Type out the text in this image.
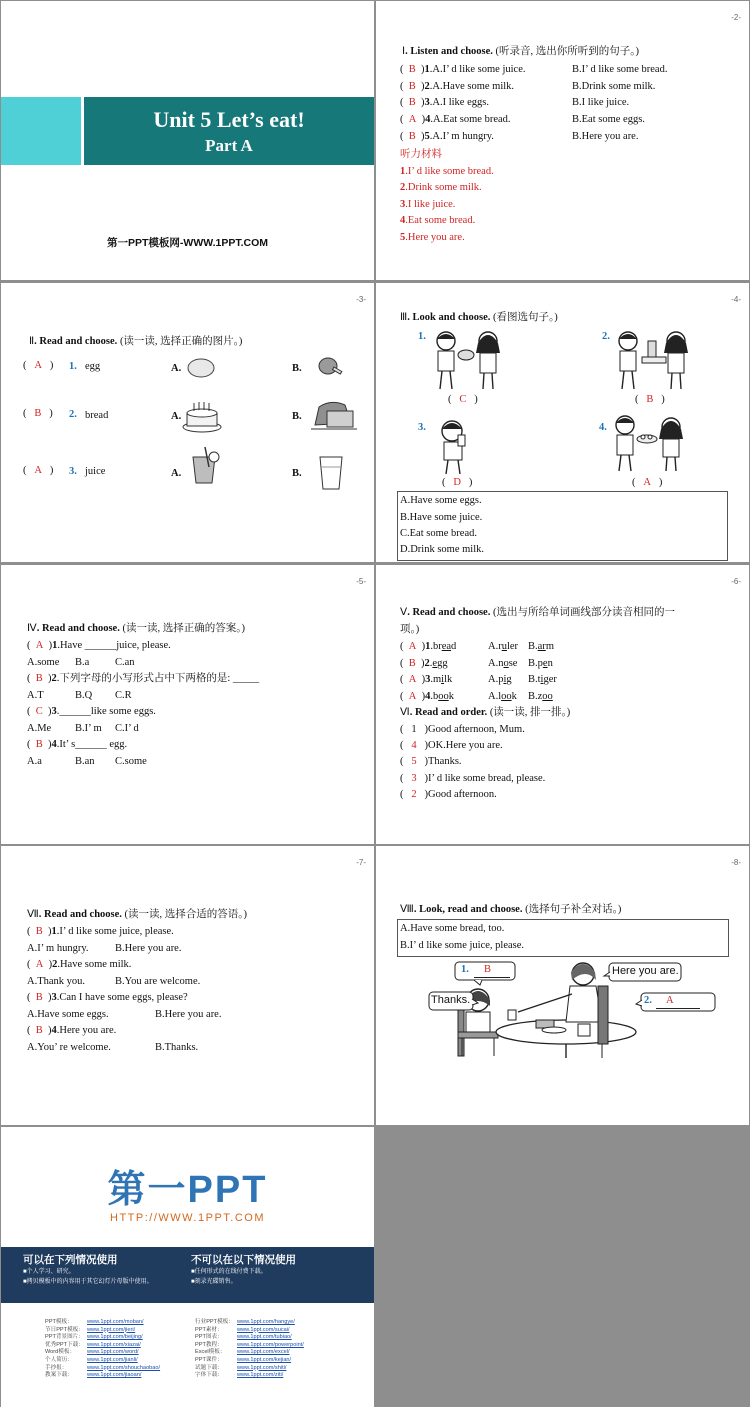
Unit 5 Let’s eat!
Part A
第一PPT模板网-WWW.1PPT.COM
-2-
Ⅰ. Listen and choose. (听录音, 选出你所听到的句子。)
(  B  )1.A.I’ d like some juice.	B.I’ d like some bread.
(  B  )2.A.Have some milk.	B.Drink some milk.
(  B  )3.A.I like eggs.	B.I like juice.
(  A  )4.A.Eat some bread.	B.Eat some eggs.
(  B  )5.A.I’ m hungry.	B.Here you are.
听力材料
1.I’ d like some bread.
2.Drink some milk.
3.I like juice.
4.Eat some bread.
5.Here you are.
-3-
Ⅱ. Read and choose. (读一读, 选择正确的图片。)
(   A   ) 1. egg	A.	B.
(   B   ) 2. bread	A.	B.
(   A   ) 3. juice	A.	B.
-4-
Ⅲ. Look and choose. (看图选句子。)
1.
(   C   )
2.
(   B   )
3.
(   D   )
4.
(   A   )
A.Have some eggs.
B.Have some juice.
C.Eat some bread.
D.Drink some milk.
-5-
Ⅳ. Read and choose. (读一读, 选择正确的答案。)
(  A  )1.Have ______juice, please.
A.some B.a C.an
(  B  )2.下列字母的小写形式占中下两格的是: _____
A.T	B.Q C.R
(  C  )3.______like some eggs.
A.Me B.I’ m C.I’ d
(  B  )4.It’ s______ egg.
A.a	B.an C.some
-6-
Ⅴ. Read and choose. (选出与所给单词画线部分读音相同的一
项。)
(  A  )1.bread	A.ruler B.arm
(  B  )2.egg	A.nose B.pen
(  A  )3.milk	A.pig B.tiger
(  A  )4.book	A.look B.zoo
Ⅵ. Read and order. (读一读, 排一排。)
(   1 )Good afternoon, Mum.
(   4 )OK.Here you are.
(   5 )Thanks.
(   3 )I’ d like some bread, please.
(   2 )Good afternoon.
-7-
Ⅶ. Read and choose. (读一读, 选择合适的答语。)
(  B  )1.I’ d like some juice, please.
A.I’ m hungry.	B.Here you are.
(  A  )2.Have some milk.
A.Thank you.	B.You are welcome.
(  B  )3.Can I have some eggs, please?
A.Have some eggs.	B.Here you are.
(  B  )4.Here you are.
A.You’ re welcome.	B.Thanks.
-8-
Ⅷ. Look, read and choose. (选择句子补全对话。)
A.Have some bread, too.
B.I’ d like some juice, please.
1. B	Here you are.
Thanks.	2. A
第一PPT
HTTP://WWW.1PPT.COM
可以在下列情况使用
■个人学习、研究。
■拷贝模板中的内容用于其它幻灯片母版中使用。
不可以在以下情况使用
■任何形式的在线付费下载。
■刻录光碟销售。
PPT模板：	www.1ppt.com/moban/
节日PPT模板： www.1ppt.com/jieri/
PPT背景图片： www.1ppt.com/beijing/
优秀PPT下载： www.1ppt.com/xiazai/
Word模板： www.1ppt.com/word/
个人简历：	www.1ppt.com/jianli/
手抄报：	www.1ppt.com/shouchaobao/
教案下载：	www.1ppt.com/jiaoan/
行业PPT模板： www.1ppt.com/hangye/
PPT素材：	www.1ppt.com/sucai/
PPT图表：	www.1ppt.com/tubiao/
PPT教程：	www.1ppt.com/powerpoint/
Excel模板： www.1ppt.com/excel/
PPT课件：	www.1ppt.com/kejian/
试题下载：	www.1ppt.com/shiti/
字体下载：	www.1ppt.com/ziti/
